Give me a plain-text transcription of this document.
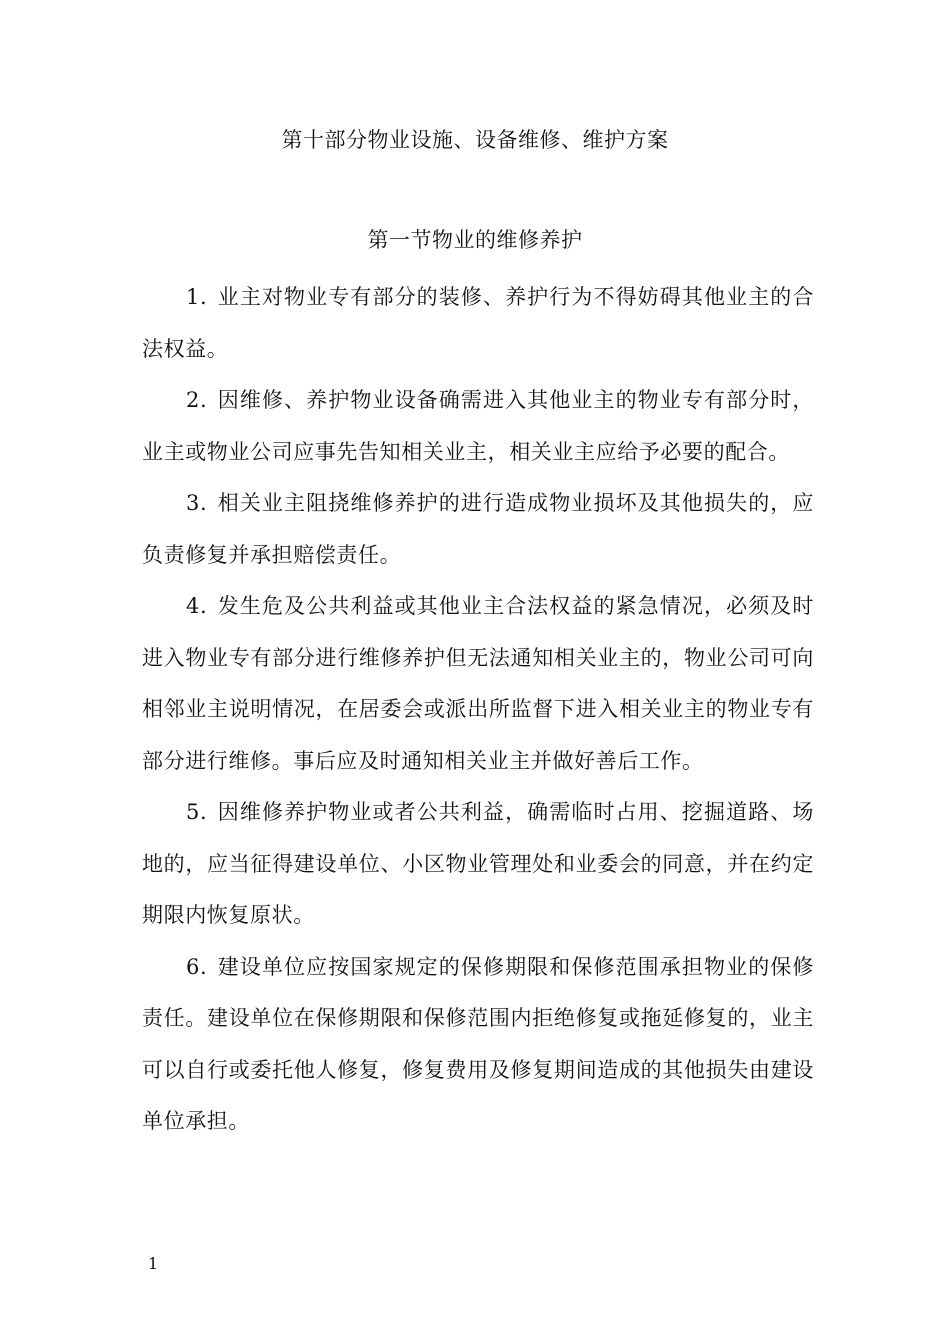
第十部分物业设施、设备维修、维护方案
第一节物业的维修养护

1. 业主对物业专有部分的装修、养护行为不得妨碍其他业主的合法权益。

2. 因维修、养护物业设备确需进入其他业主的物业专有部分时，业主或物业公司应事先告知相关业主，相关业主应给予必要的配合。

3. 相关业主阻挠维修养护的进行造成物业损坏及其他损失的，应负责修复并承担赔偿责任。

4. 发生危及公共利益或其他业主合法权益的紧急情况，必须及时进入物业专有部分进行维修养护但无法通知相关业主的，物业公司可向相邻业主说明情况，在居委会或派出所监督下进入相关业主的物业专有部分进行维修。事后应及时通知相关业主并做好善后工作。

5. 因维修养护物业或者公共利益，确需临时占用、挖掘道路、场地的，应当征得建设单位、小区物业管理处和业委会的同意，并在约定期限内恢复原状。

6. 建设单位应按国家规定的保修期限和保修范围承担物业的保修责任。建设单位在保修期限和保修范围内拒绝修复或拖延修复的，业主可以自行或委托他人修复，修复费用及修复期间造成的其他损失由建设单位承担。

1
